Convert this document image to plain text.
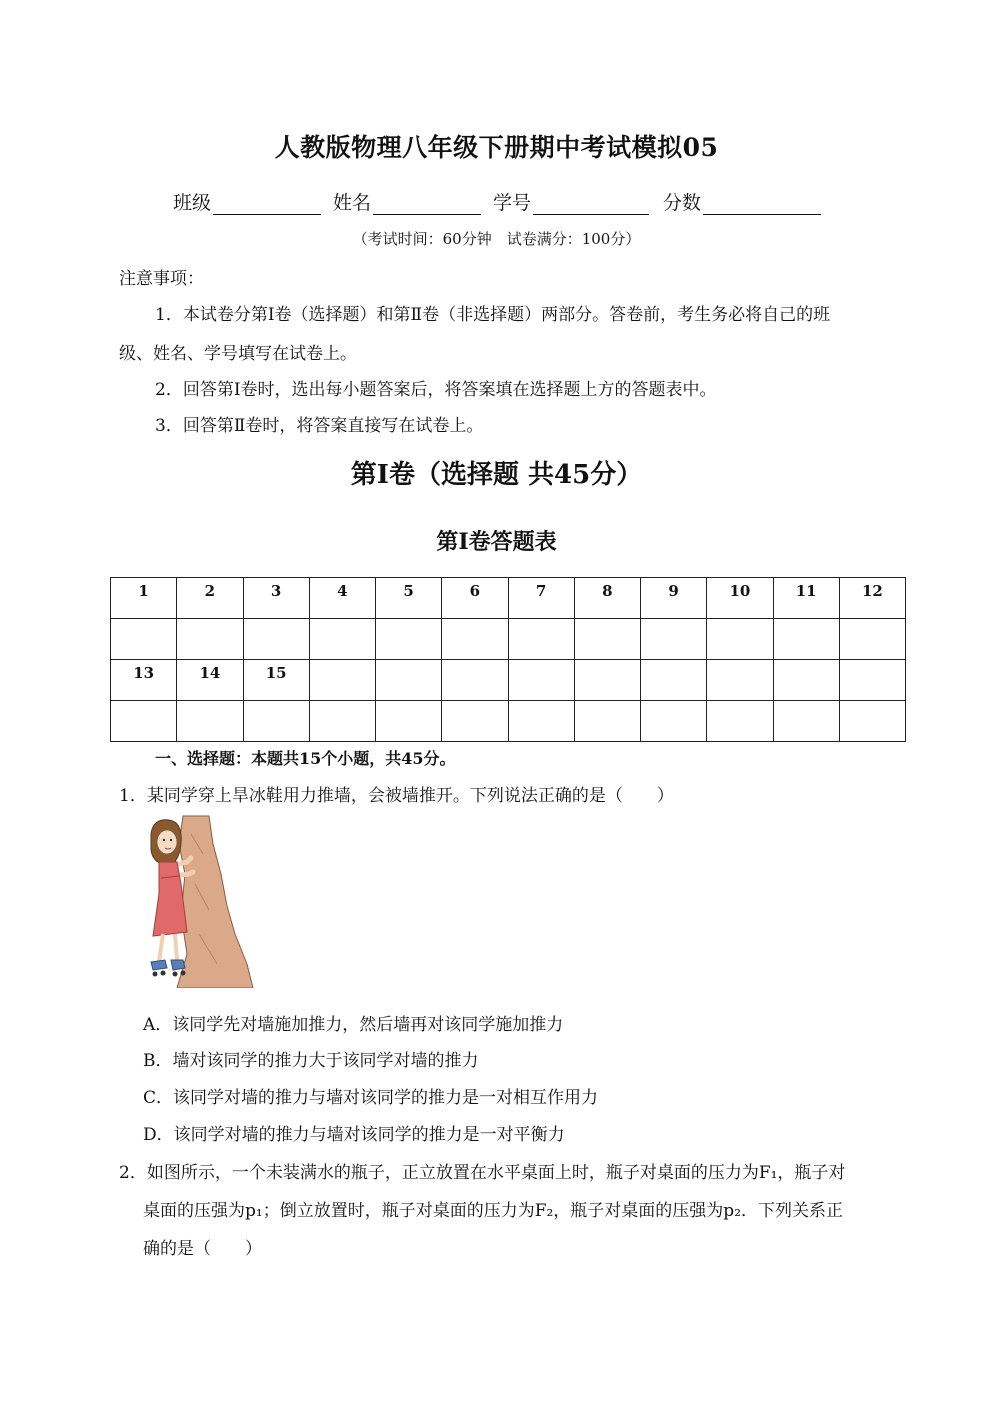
人教版物理八年级下册期中考试模拟05
班级	姓名	学号	分数
（考试时间：60分钟　试卷满分：100分）
注意事项：
1．本试卷分第Ⅰ卷（选择题）和第Ⅱ卷（非选择题）两部分。答卷前，考生务必将自己的班
级、姓名、学号填写在试卷上。
2．回答第Ⅰ卷时，选出每小题答案后，将答案填在选择题上方的答题表中。
3．回答第Ⅱ卷时，将答案直接写在试卷上。
第Ⅰ卷（选择题 共45分）
第Ⅰ卷答题表
1	2	3	4	5	6	7	8	9	10	11	12

13	14	15									

一、选择题：本题共15个小题，共45分。
1．某同学穿上旱冰鞋用力推墙，会被墙推开。下列说法正确的是（　　）
A．该同学先对墙施加推力，然后墙再对该同学施加推力
B．墙对该同学的推力大于该同学对墙的推力
C．该同学对墙的推力与墙对该同学的推力是一对相互作用力
D．该同学对墙的推力与墙对该同学的推力是一对平衡力
2．如图所示，一个未装满水的瓶子，正立放置在水平桌面上时，瓶子对桌面的压力为F₁，瓶子对
桌面的压强为p₁；倒立放置时，瓶子对桌面的压力为F₂，瓶子对桌面的压强为p₂．下列关系正
确的是（　　）
